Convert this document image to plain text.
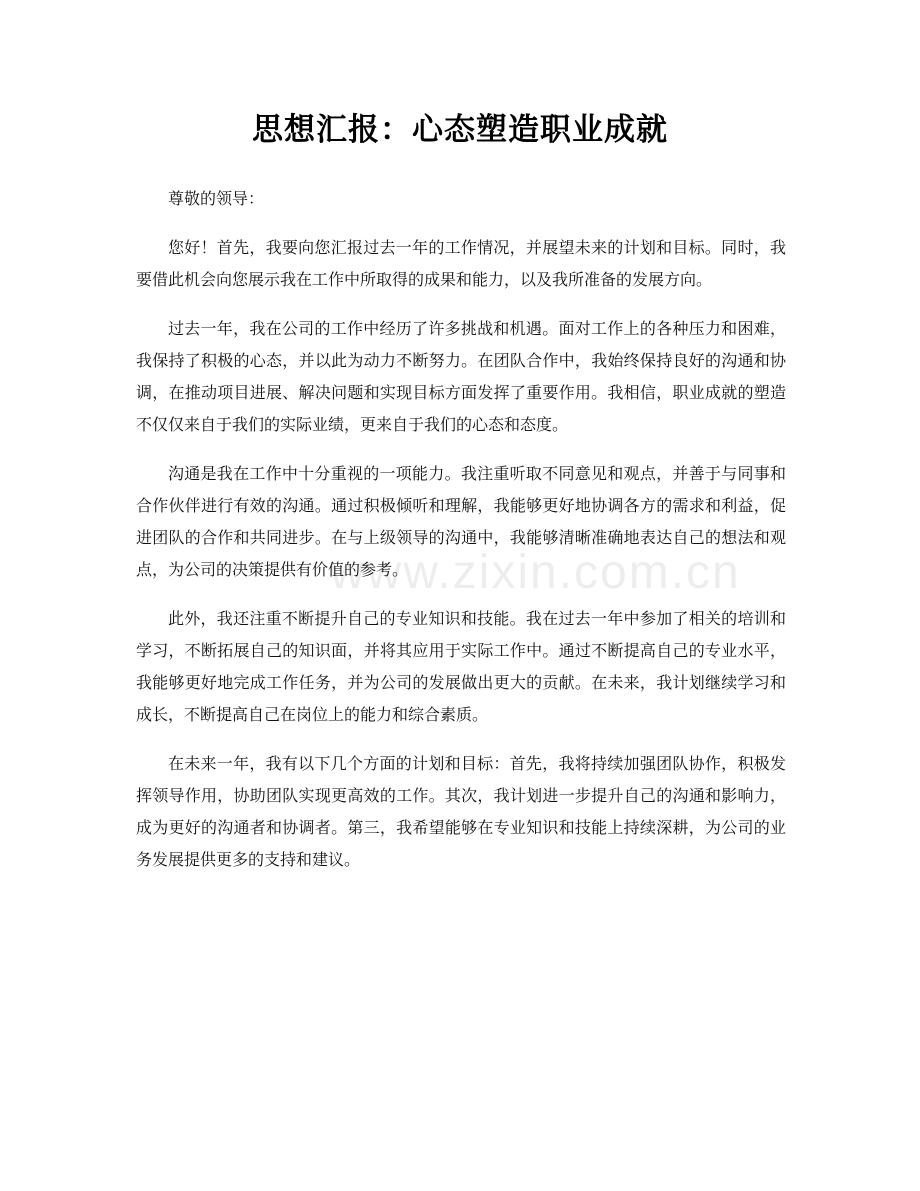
思想汇报：心态塑造职业成就

尊敬的领导：

您好！首先，我要向您汇报过去一年的工作情况，并展望未来的计划和目标。同时，我要借此机会向您展示我在工作中所取得的成果和能力，以及我所准备的发展方向。

过去一年，我在公司的工作中经历了许多挑战和机遇。面对工作上的各种压力和困难，我保持了积极的心态，并以此为动力不断努力。在团队合作中，我始终保持良好的沟通和协调，在推动项目进展、解决问题和实现目标方面发挥了重要作用。我相信，职业成就的塑造不仅仅来自于我们的实际业绩，更来自于我们的心态和态度。

沟通是我在工作中十分重视的一项能力。我注重听取不同意见和观点，并善于与同事和合作伙伴进行有效的沟通。通过积极倾听和理解，我能够更好地协调各方的需求和利益，促进团队的合作和共同进步。在与上级领导的沟通中，我能够清晰准确地表达自己的想法和观点，为公司的决策提供有价值的参考。

此外，我还注重不断提升自己的专业知识和技能。我在过去一年中参加了相关的培训和学习，不断拓展自己的知识面，并将其应用于实际工作中。通过不断提高自己的专业水平，我能够更好地完成工作任务，并为公司的发展做出更大的贡献。在未来，我计划继续学习和成长，不断提高自己在岗位上的能力和综合素质。

在未来一年，我有以下几个方面的计划和目标：首先，我将持续加强团队协作，积极发挥领导作用，协助团队实现更高效的工作。其次，我计划进一步提升自己的沟通和影响力，成为更好的沟通者和协调者。第三，我希望能够在专业知识和技能上持续深耕，为公司的业务发展提供更多的支持和建议。

www.zixin.com.cn
